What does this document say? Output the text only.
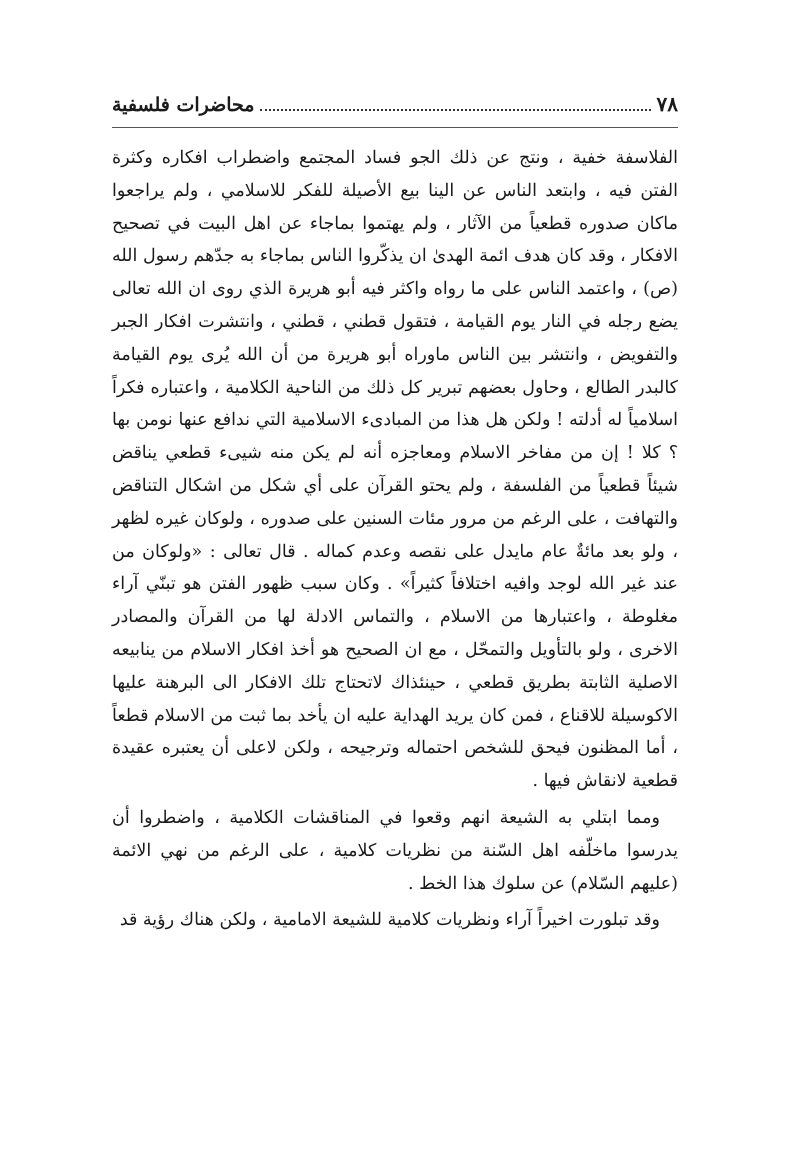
٧٨
محاضرات فلسفية

الفلاسفة خفية ، ونتج عن ذلك الجو فساد المجتمع واضطراب افكاره وكثرة الفتن فيه ، وابتعد الناس عن الينا بيع الأصيلة للفكر للاسلامي ، ولم يراجعوا ماكان صدوره قطعياً من الآثار ، ولم يهتموا بماجاء عن اهل البيت في تصحيح الافكار ، وقد كان هدف ائمة الهدىٰ ان يذكّروا الناس بماجاء به جدّهم رسول الله (ص) ، واعتمد الناس على ما رواه واكثر فيه أبو هريرة الذي روى ان الله تعالى يضع رجله في النار يوم القيامة ، فتقول قطني ، قطني ، وانتشرت افكار الجبر والتفويض ، وانتشر بين الناس ماوراه أبو هريرة من أن الله يُرى يوم القيامة كالبدر الطالع ، وحاول بعضهم تبرير كل ذلك من الناحية الكلامية ، واعتباره فكراً اسلامياً له أدلته ! ولكن هل هذا من المبادىء الاسلامية التي ندافع عنها نومن بها ؟ كلا ! إن من مفاخر الاسلام ومعاجزه أنه لم يكن منه شيىء قطعي يناقض شيئاً قطعياً من الفلسفة ، ولم يحتو القرآن على أي شكل من اشكال التناقض والتهافت ، على الرغم من مرور مئات السنين على صدوره ، ولوكان غيره لظهر ، ولو بعد مائةٌ عام مايدل على نقصه وعدم كماله . قال تعالى : «ولوكان من عند غير الله لوجد وافيه اختلافاً كثيراً» . وكان سبب ظهور الفتن هو تبنّي آراء مغلوطة ، واعتبارها من الاسلام ، والتماس الادلة لها من القرآن والمصادر الاخرى ، ولو بالتأويل والتمحّل ، مع ان الصحيح هو أخذ افكار الاسلام من ينابيعه الاصلية الثابتة بطريق قطعي ، حينئذاك لاتحتاج تلك الافكار الى البرهنة عليها الاكوسيلة للاقناع ، فمن كان يريد الهداية عليه ان يأخد بما ثبت من الاسلام قطعاً ، أما المظنون فيحق للشخص احتماله وترجيحه ، ولكن لاعلى أن يعتبره عقيدة قطعية لانقاش فيها .

ومما ابتلي به الشيعة انهم وقعوا في المناقشات الكلامية ، واضطروا أن يدرسوا ماخلّفه اهل السّنة من نظريات كلامية ، على الرغم من نهي الائمة (عليهم السّلام) عن سلوك هذا الخط .

وقد تبلورت اخيراً آراء ونظريات كلامية للشيعة الامامية ، ولكن هناك رؤية قد
